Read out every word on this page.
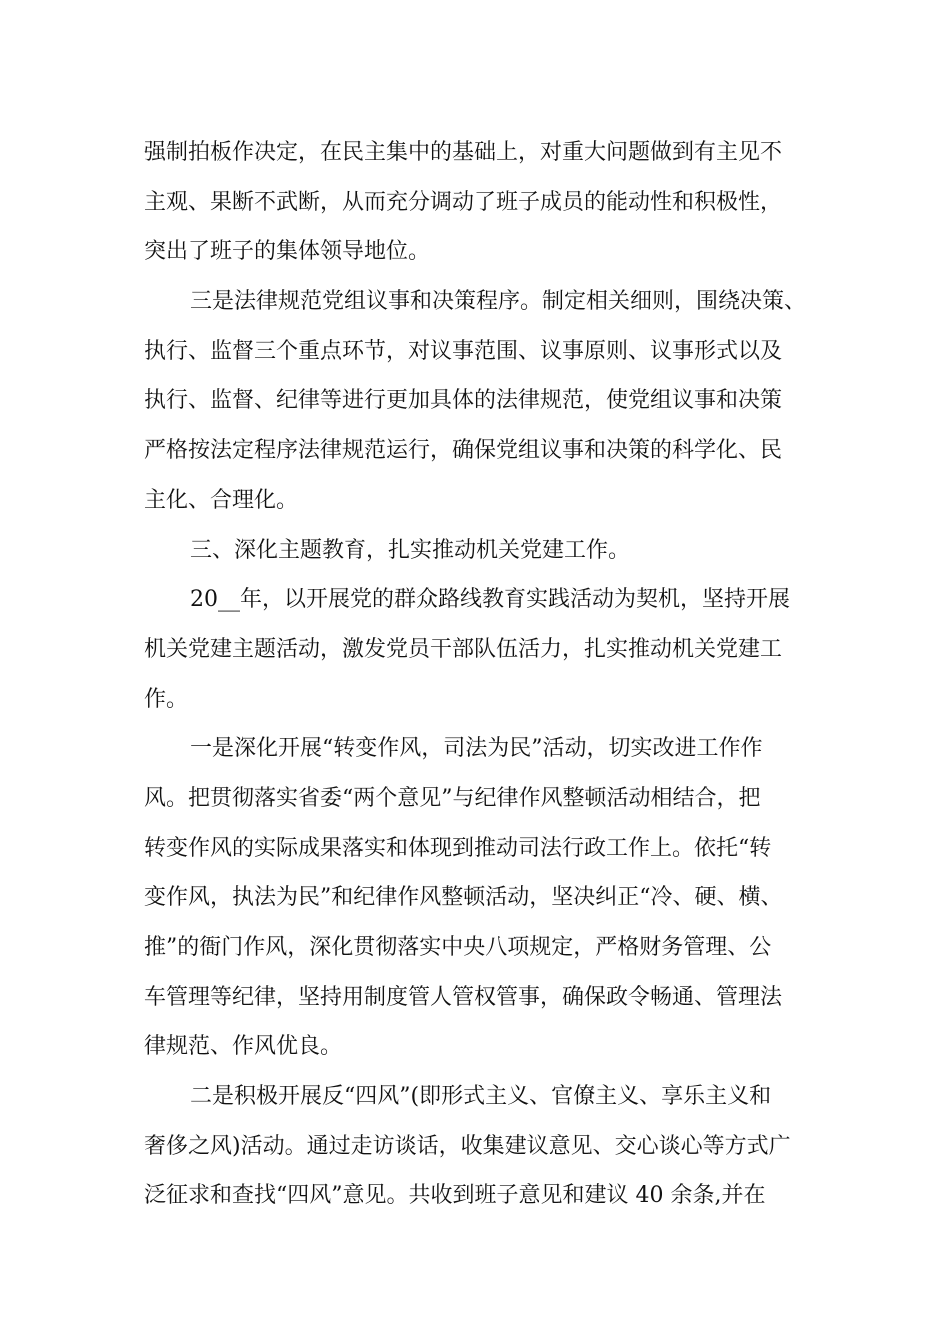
强制拍板作决定，在民主集中的基础上，对重大问题做到有主见不
主观、果断不武断，从而充分调动了班子成员的能动性和积极性，
突出了班子的集体领导地位。
三是法律规范党组议事和决策程序。制定相关细则，围绕决策、
执行、监督三个重点环节，对议事范围、议事原则、议事形式以及
执行、监督、纪律等进行更加具体的法律规范，使党组议事和决策
严格按法定程序法律规范运行，确保党组议事和决策的科学化、民
主化、合理化。
三、深化主题教育，扎实推动机关党建工作。
20__年，以开展党的群众路线教育实践活动为契机，坚持开展
机关党建主题活动，激发党员干部队伍活力，扎实推动机关党建工
作。
一是深化开展“转变作风，司法为民”活动，切实改进工作作
风。把贯彻落实省委“两个意见”与纪律作风整顿活动相结合，把
转变作风的实际成果落实和体现到推动司法行政工作上。依托“转
变作风，执法为民”和纪律作风整顿活动，坚决纠正“冷、硬、横、
推”的衙门作风，深化贯彻落实中央八项规定，严格财务管理、公
车管理等纪律，坚持用制度管人管权管事，确保政令畅通、管理法
律规范、作风优良。
二是积极开展反“四风”(即形式主义、官僚主义、享乐主义和
奢侈之风)活动。通过走访谈话，收集建议意见、交心谈心等方式广
泛征求和查找“四风”意见。共收到班子意见和建议 40 余条,并在
